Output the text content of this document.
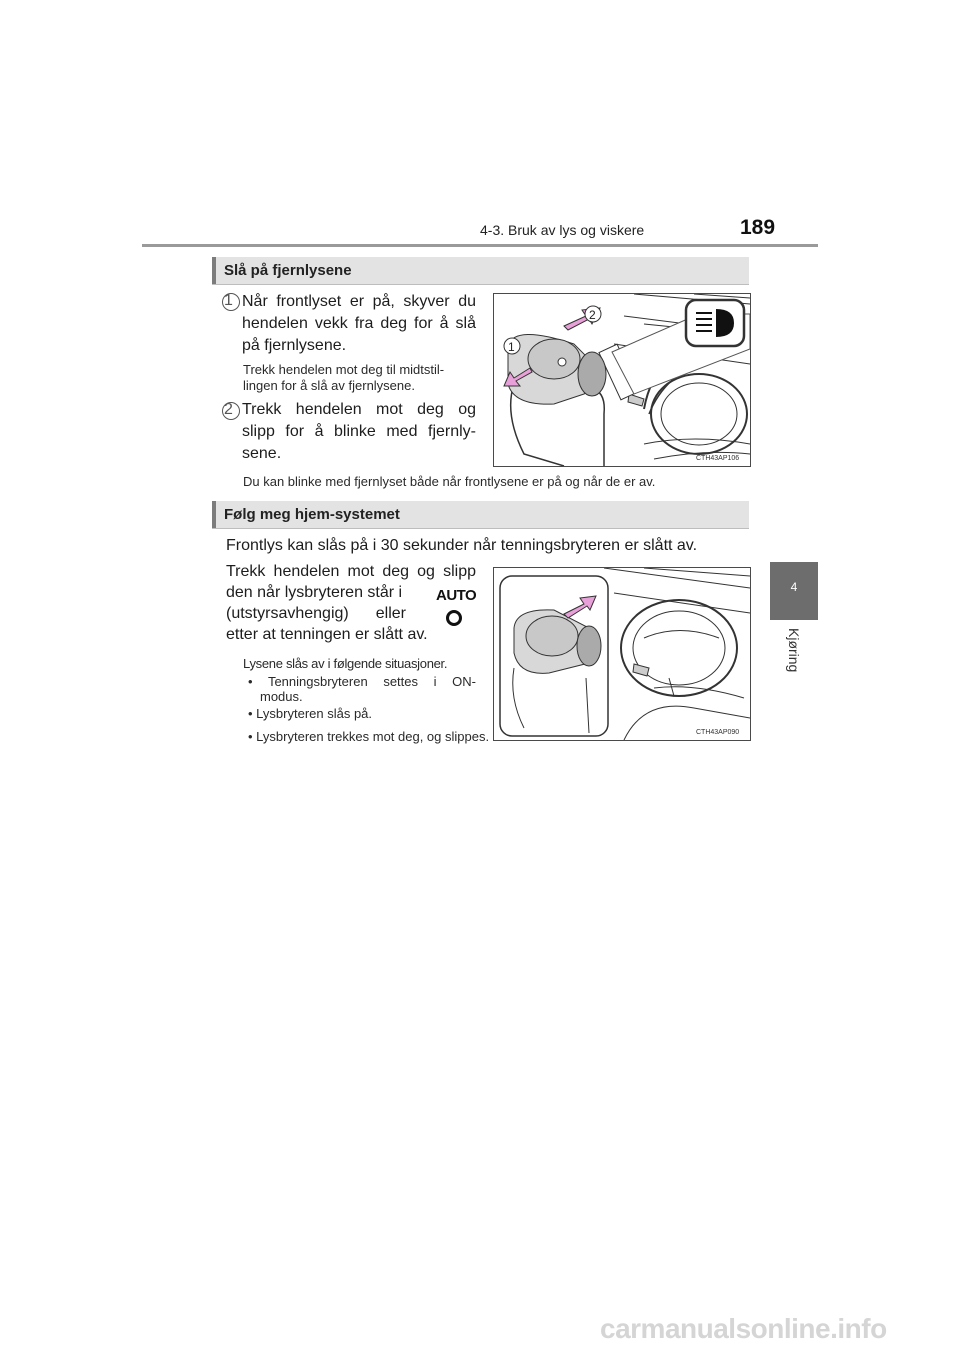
4-3. Bruk av lys og viskere	189
4
Kjøring
Slå på fjernlysene
1 Når frontlyset er på, skyver du
hendelen vekk fra deg for å slå
på fjernlysene.
Trekk hendelen mot deg til midtstil-
lingen for å slå av fjernlysene.
2 Trekk hendelen mot deg og
slipp for å blinke med fjernly-
sene.
2
1
CTH43AP106
Du kan blinke med fjernlyset både når frontlysene er på og når de er av.
Følg meg hjem-systemet
Frontlys kan slås på i 30 sekunder når tenningsbryteren er slått av.
Trekk hendelen mot deg og slipp
den når lysbryteren står i
(utstyrsavhengig) eller
etter at tenningen er slått av.
AUTO
Lysene slås av i følgende situasjoner.
• Tenningsbryteren settes i ON-
modus.
• Lysbryteren slås på.
• Lysbryteren trekkes mot deg, og slippes.	CTH43AP090
carmanualsonline.info
